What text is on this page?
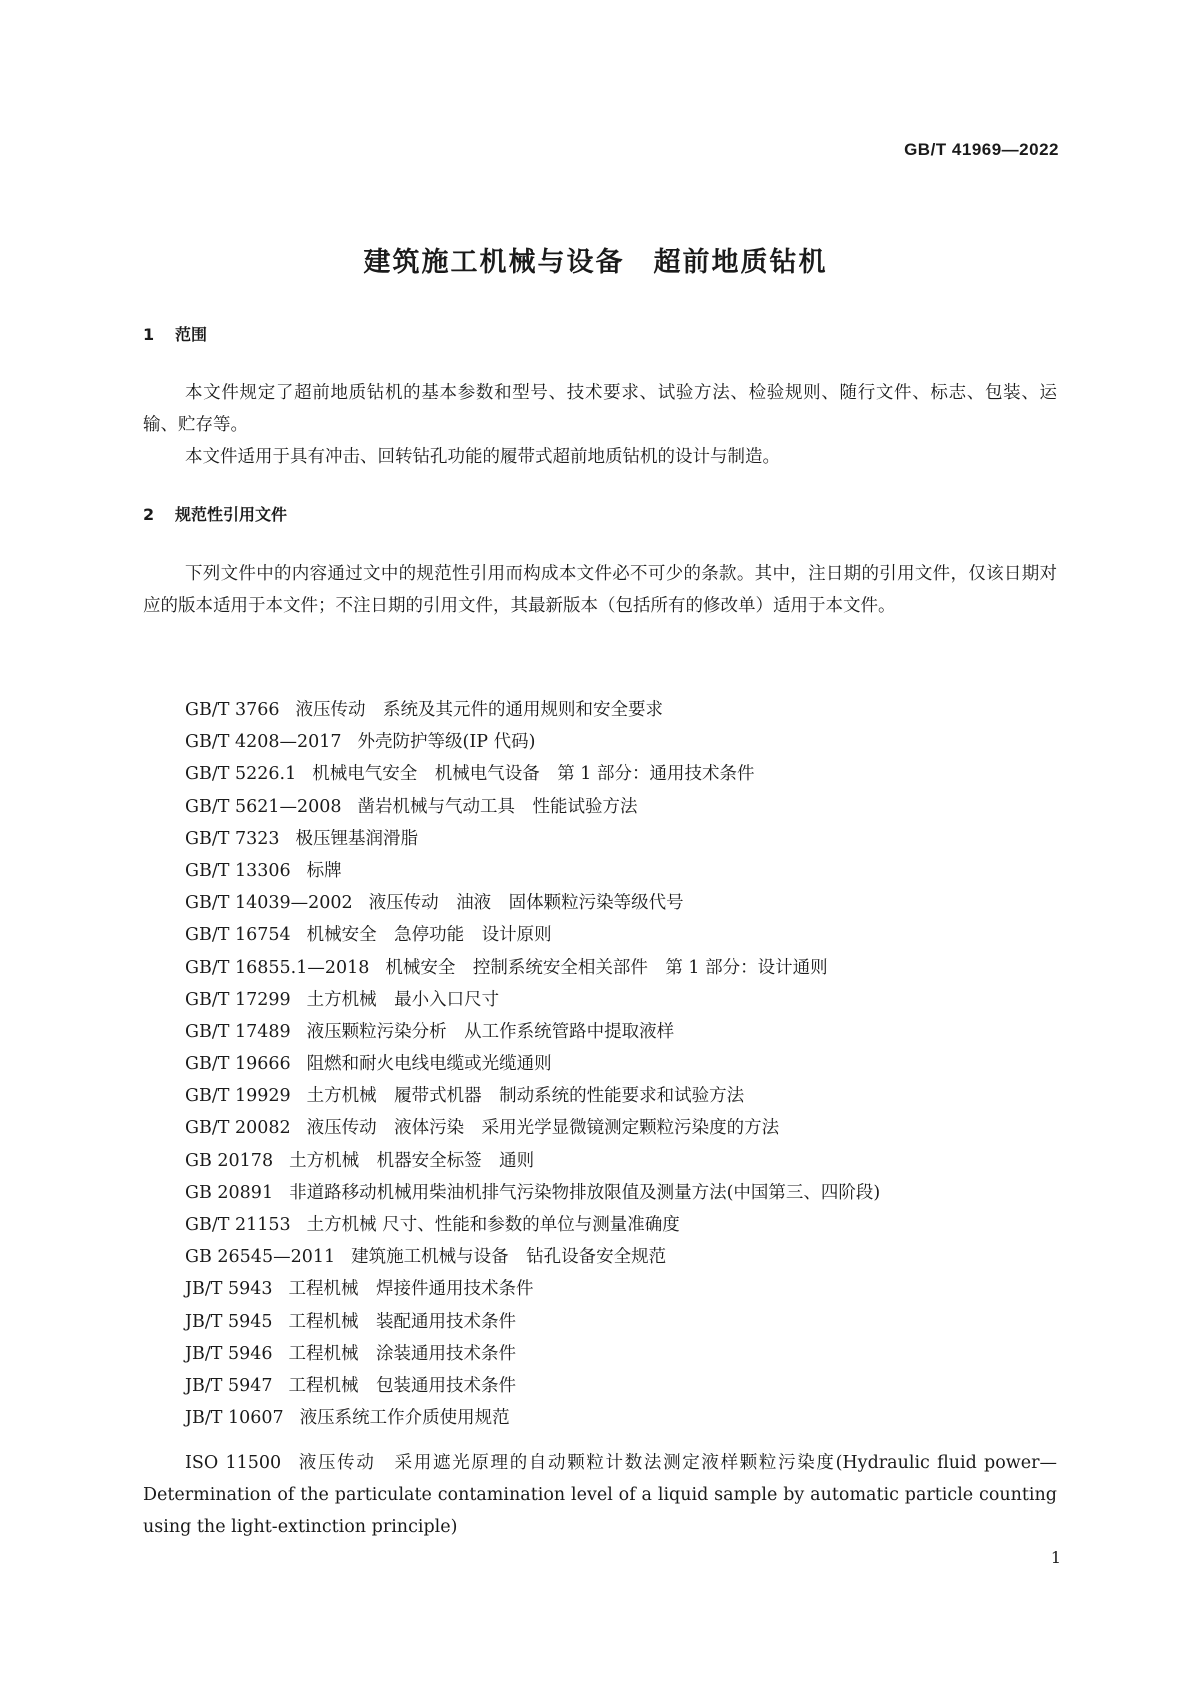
GB/T 41969—2022
建筑施工机械与设备　超前地质钻机
1 范围
本文件规定了超前地质钻机的基本参数和型号、技术要求、试验方法、检验规则、随行文件、标志、包装、运输、贮存等。
本文件适用于具有冲击、回转钻孔功能的履带式超前地质钻机的设计与制造。
2 规范性引用文件
下列文件中的内容通过文中的规范性引用而构成本文件必不可少的条款。其中，注日期的引用文件，仅该日期对应的版本适用于本文件；不注日期的引用文件，其最新版本（包括所有的修改单）适用于本文件。
GB/T 3766 液压传动　系统及其元件的通用规则和安全要求
GB/T 4208—2017 外壳防护等级(IP 代码)
GB/T 5226.1 机械电气安全　机械电气设备　第 1 部分：通用技术条件
GB/T 5621—2008 凿岩机械与气动工具　性能试验方法
GB/T 7323 极压锂基润滑脂
GB/T 13306 标牌
GB/T 14039—2002 液压传动　油液　固体颗粒污染等级代号
GB/T 16754 机械安全　急停功能　设计原则
GB/T 16855.1—2018 机械安全　控制系统安全相关部件　第 1 部分：设计通则
GB/T 17299 土方机械　最小入口尺寸
GB/T 17489 液压颗粒污染分析　从工作系统管路中提取液样
GB/T 19666 阻燃和耐火电线电缆或光缆通则
GB/T 19929 土方机械　履带式机器　制动系统的性能要求和试验方法
GB/T 20082 液压传动　液体污染　采用光学显微镜测定颗粒污染度的方法
GB 20178 土方机械　机器安全标签　通则
GB 20891 非道路移动机械用柴油机排气污染物排放限值及测量方法(中国第三、四阶段)
GB/T 21153 土方机械 尺寸、性能和参数的单位与测量准确度
GB 26545—2011 建筑施工机械与设备　钻孔设备安全规范
JB/T 5943 工程机械　焊接件通用技术条件
JB/T 5945 工程机械　装配通用技术条件
JB/T 5946 工程机械　涂装通用技术条件
JB/T 5947 工程机械　包装通用技术条件
JB/T 10607 液压系统工作介质使用规范
ISO 11500 液压传动　采用遮光原理的自动颗粒计数法测定液样颗粒污染度(Hydraulic fluid power—Determination of the particulate contamination level of a liquid sample by automatic particle counting using the light-extinction principle)
1
